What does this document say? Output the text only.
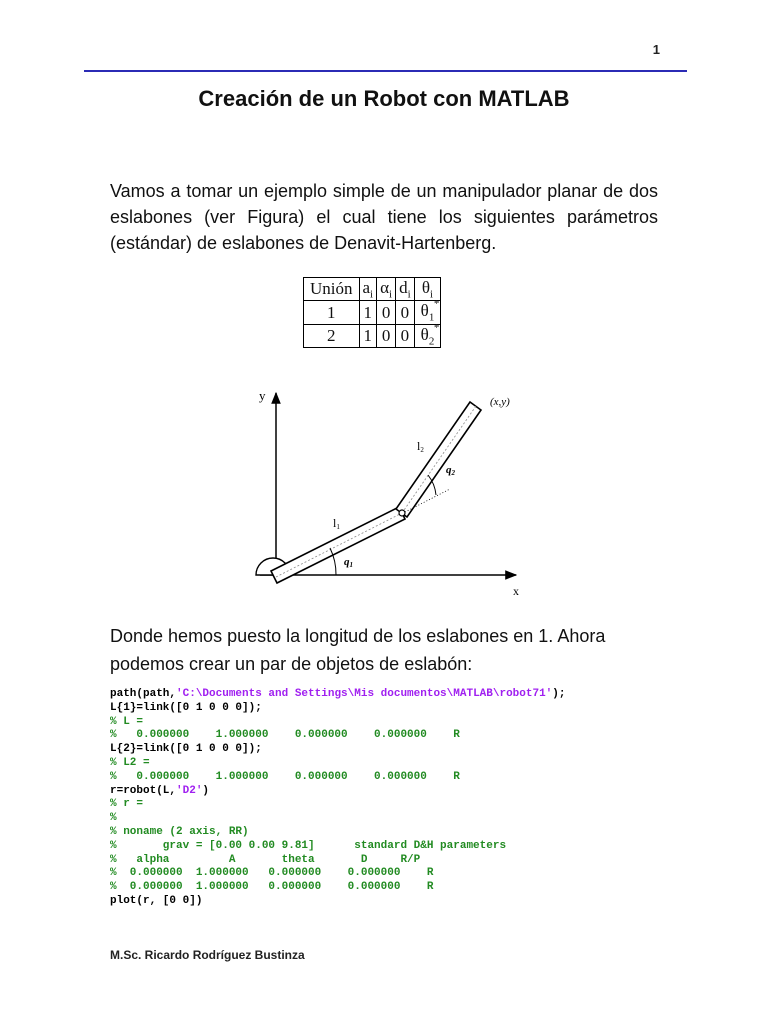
1
Creación de un Robot con MATLAB
Vamos a tomar un ejemplo simple de un manipulador planar de dos eslabones (ver Figura) el cual tiene los siguientes parámetros (estándar) de eslabones de Denavit-Hartenberg.
Unión	$a_i$	$\alpha_i$	$d_i$	$\theta_i$
1	1	0	0	$\theta_1$
*

2	1	0	0	$\theta_2$
*
y
x
q1
q2
l1
l2
(x,y)
Donde hemos puesto la longitud de los eslabones en 1. Ahora podemos crear un par de objetos de eslabón:
path(path,'C:\Documents and Settings\Mis documentos\MATLAB\robot71');
L{1}=link([0 1 0 0 0]);
% L =
%   0.000000    1.000000    0.000000    0.000000    R
L{2}=link([0 1 0 0 0]);
% L2 =
%   0.000000    1.000000    0.000000    0.000000    R
r=robot(L,'D2')
% r =
%
% noname (2 axis, RR)
%       grav = [0.00 0.00 9.81]      standard D&H parameters
%   alpha         A       theta       D     R/P
%  0.000000  1.000000   0.000000    0.000000    R
%  0.000000  1.000000   0.000000    0.000000    R
plot(r, [0 0])
M.Sc. Ricardo Rodríguez Bustinza
